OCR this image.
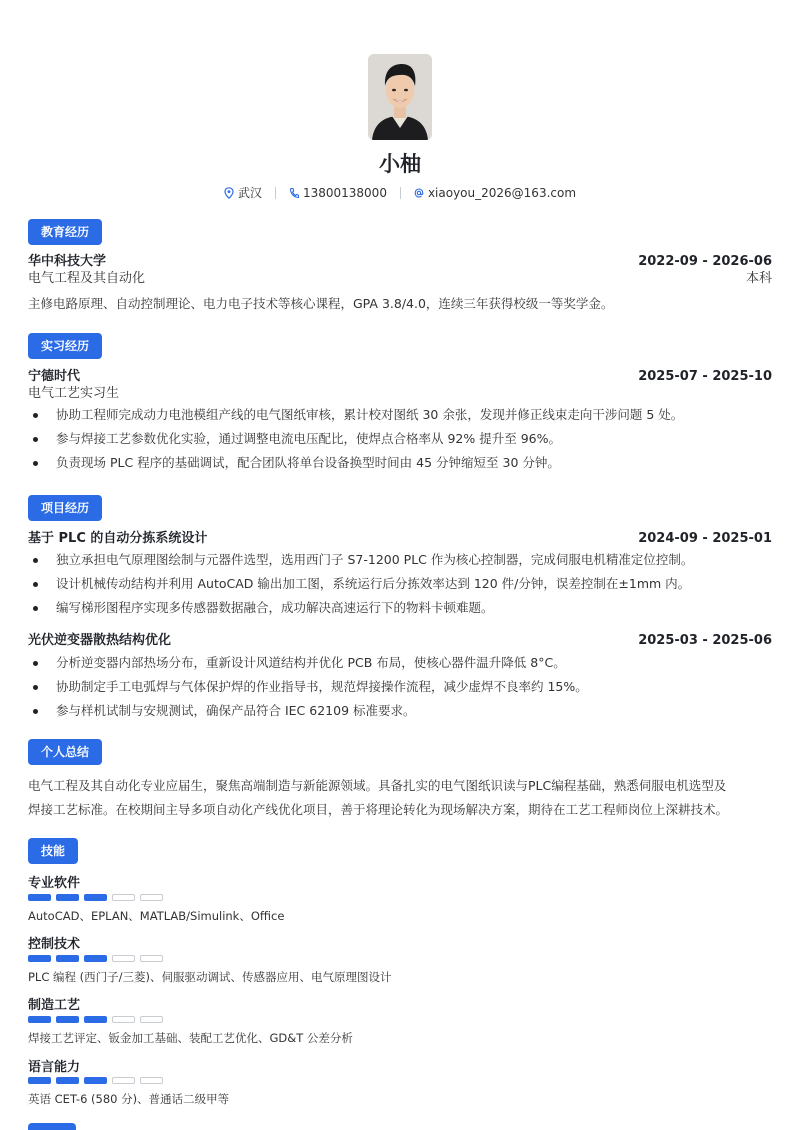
小柚
武汉	13800138000	xiaoyou_2026@163.com
教育经历
华中科技大学	2022-09 - 2026-06
电气工程及其自动化	本科
主修电路原理、自动控制理论、电力电子技术等核心课程，GPA 3.8/4.0，连续三年获得校级一等奖学金。
实习经历
宁德时代	2025-07 - 2025-10
电气工艺实习生
协助工程师完成动力电池模组产线的电气图纸审核，累计校对图纸 30 余张，发现并修正线束走向干涉问题 5 处。
参与焊接工艺参数优化实验，通过调整电流电压配比，使焊点合格率从 92% 提升至 96%。
负责现场 PLC 程序的基础调试，配合团队将单台设备换型时间由 45 分钟缩短至 30 分钟。
项目经历
基于 PLC 的自动分拣系统设计	2024-09 - 2025-01
独立承担电气原理图绘制与元器件选型，选用西门子 S7-1200 PLC 作为核心控制器，完成伺服电机精准定位控制。
设计机械传动结构并利用 AutoCAD 输出加工图，系统运行后分拣效率达到 120 件/分钟，误差控制在±1mm 内。
编写梯形图程序实现多传感器数据融合，成功解决高速运行下的物料卡顿难题。
光伏逆变器散热结构优化	2025-03 - 2025-06
分析逆变器内部热场分布，重新设计风道结构并优化 PCB 布局，使核心器件温升降低 8°C。
协助制定手工电弧焊与气体保护焊的作业指导书，规范焊接操作流程，减少虚焊不良率约 15%。
参与样机试制与安规测试，确保产品符合 IEC 62109 标准要求。
个人总结
电气工程及其自动化专业应届生，聚焦高端制造与新能源领域。具备扎实的电气图纸识读与PLC编程基础，熟悉伺服电机选型及
焊接工艺标准。在校期间主导多项自动化产线优化项目，善于将理论转化为现场解决方案，期待在工艺工程师岗位上深耕技术。
技能
专业软件
AutoCAD、EPLAN、MATLAB/Simulink、Office
控制技术
PLC 编程 (西门子/三菱)、伺服驱动调试、传感器应用、电气原理图设计
制造工艺
焊接工艺评定、钣金加工基础、装配工艺优化、GD&T 公差分析
语言能力
英语 CET-6 (580 分)、普通话二级甲等
